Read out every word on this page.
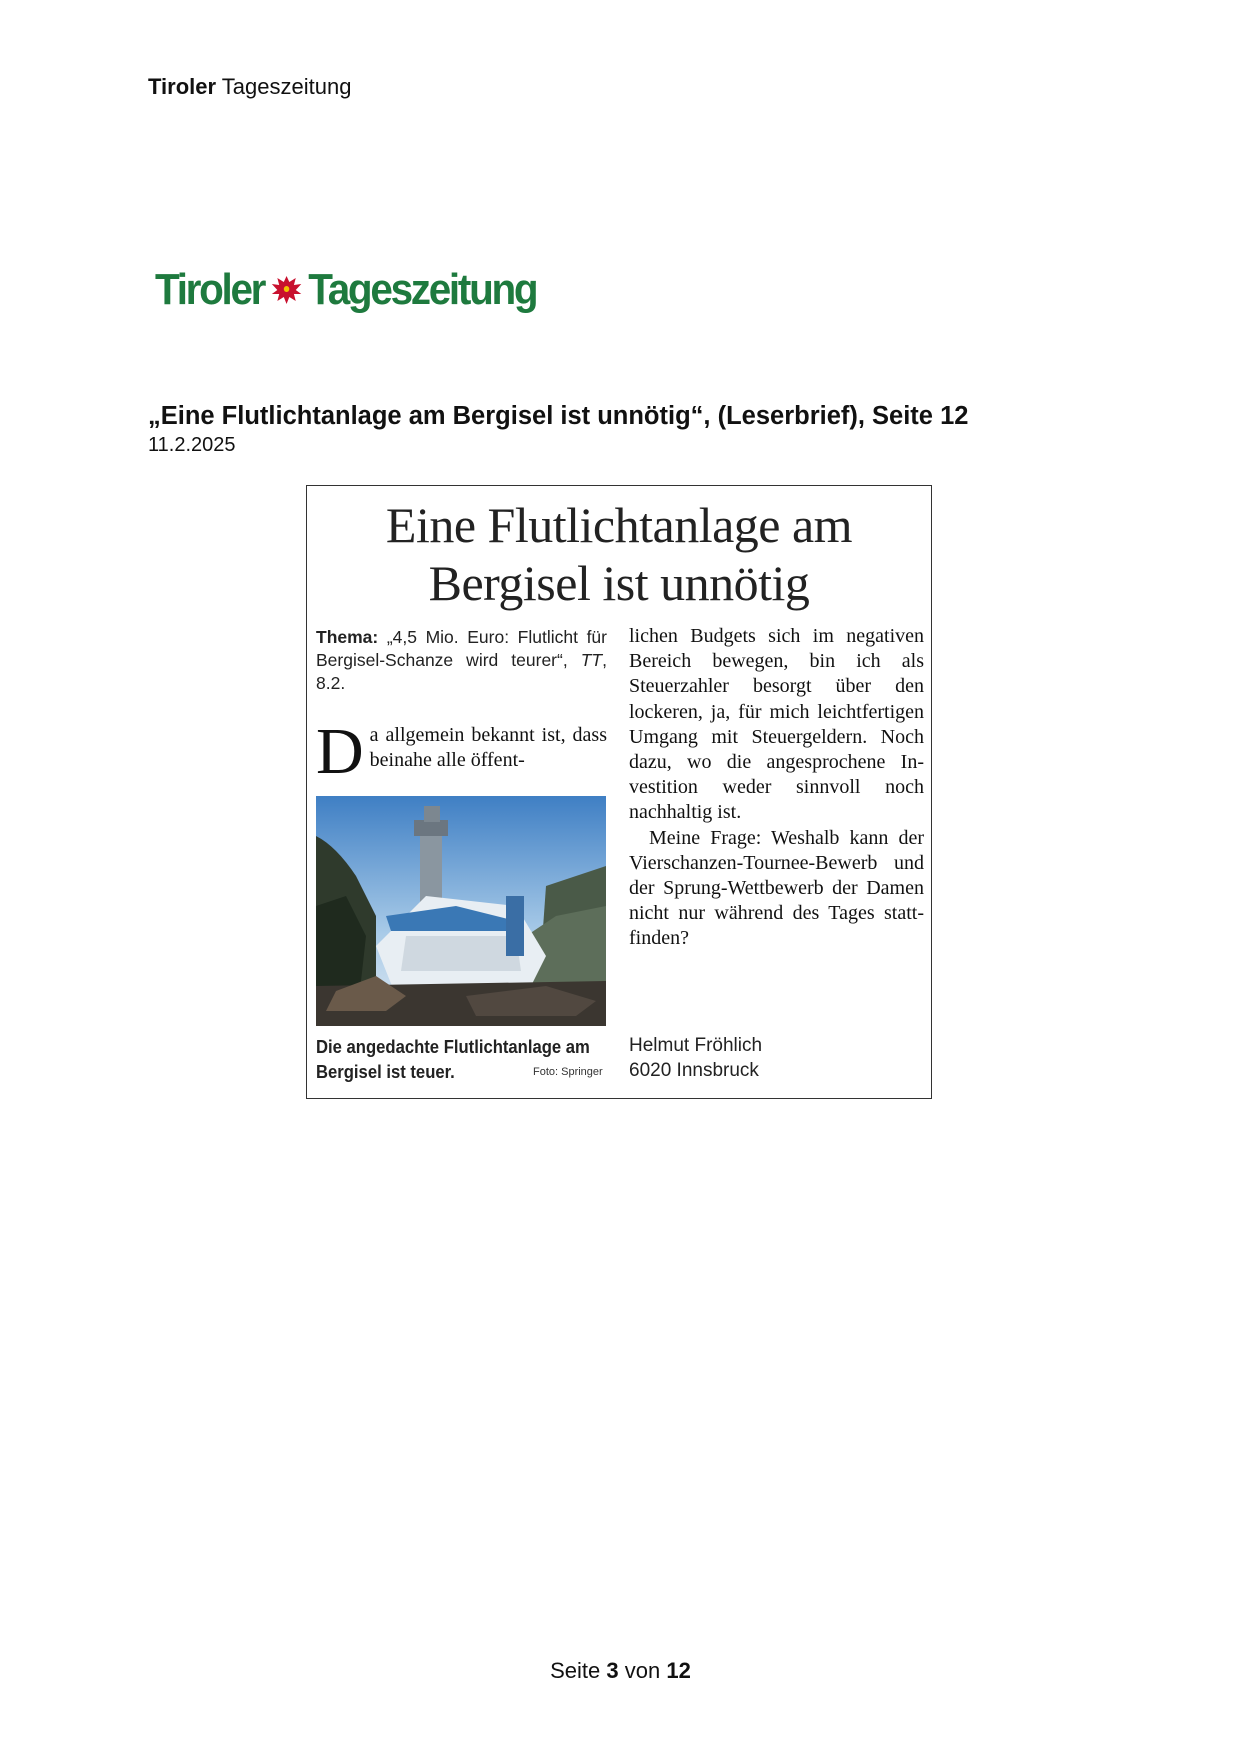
Tiroler Tageszeitung
Tiroler Tageszeitung
„Eine Flutlichtanlage am Bergisel ist unnötig“, (Leserbrief), Seite 12
11.2.2025
Eine Flutlichtanlage am
Bergisel ist unnötig
Thema: „4,5 Mio. Euro: Flutlicht für Bergisel-Schanze wird teurer“, TT, 8.2.

Da allgemein bekannt ist, dass beinahe alle öffent-

Die angedachte Flutlichtanlage am Bergisel ist teuer.	Foto: Springer

lichen Budgets sich im negativen Bereich bewegen, bin ich als Steuerzahler besorgt über den lockeren, ja, für mich leichtfertigen Umgang mit Steuergeldern. Noch dazu, wo die angesprochene Investition weder sinnvoll noch nachhaltig ist.

Meine Frage: Weshalb kann der Vierschanzen-Tournee-Bewerb und der Sprung-Wettbewerb der Damen nicht nur während des Tages stattfinden?

Helmut Fröhlich
6020 Innsbruck
Seite 3 von 12
